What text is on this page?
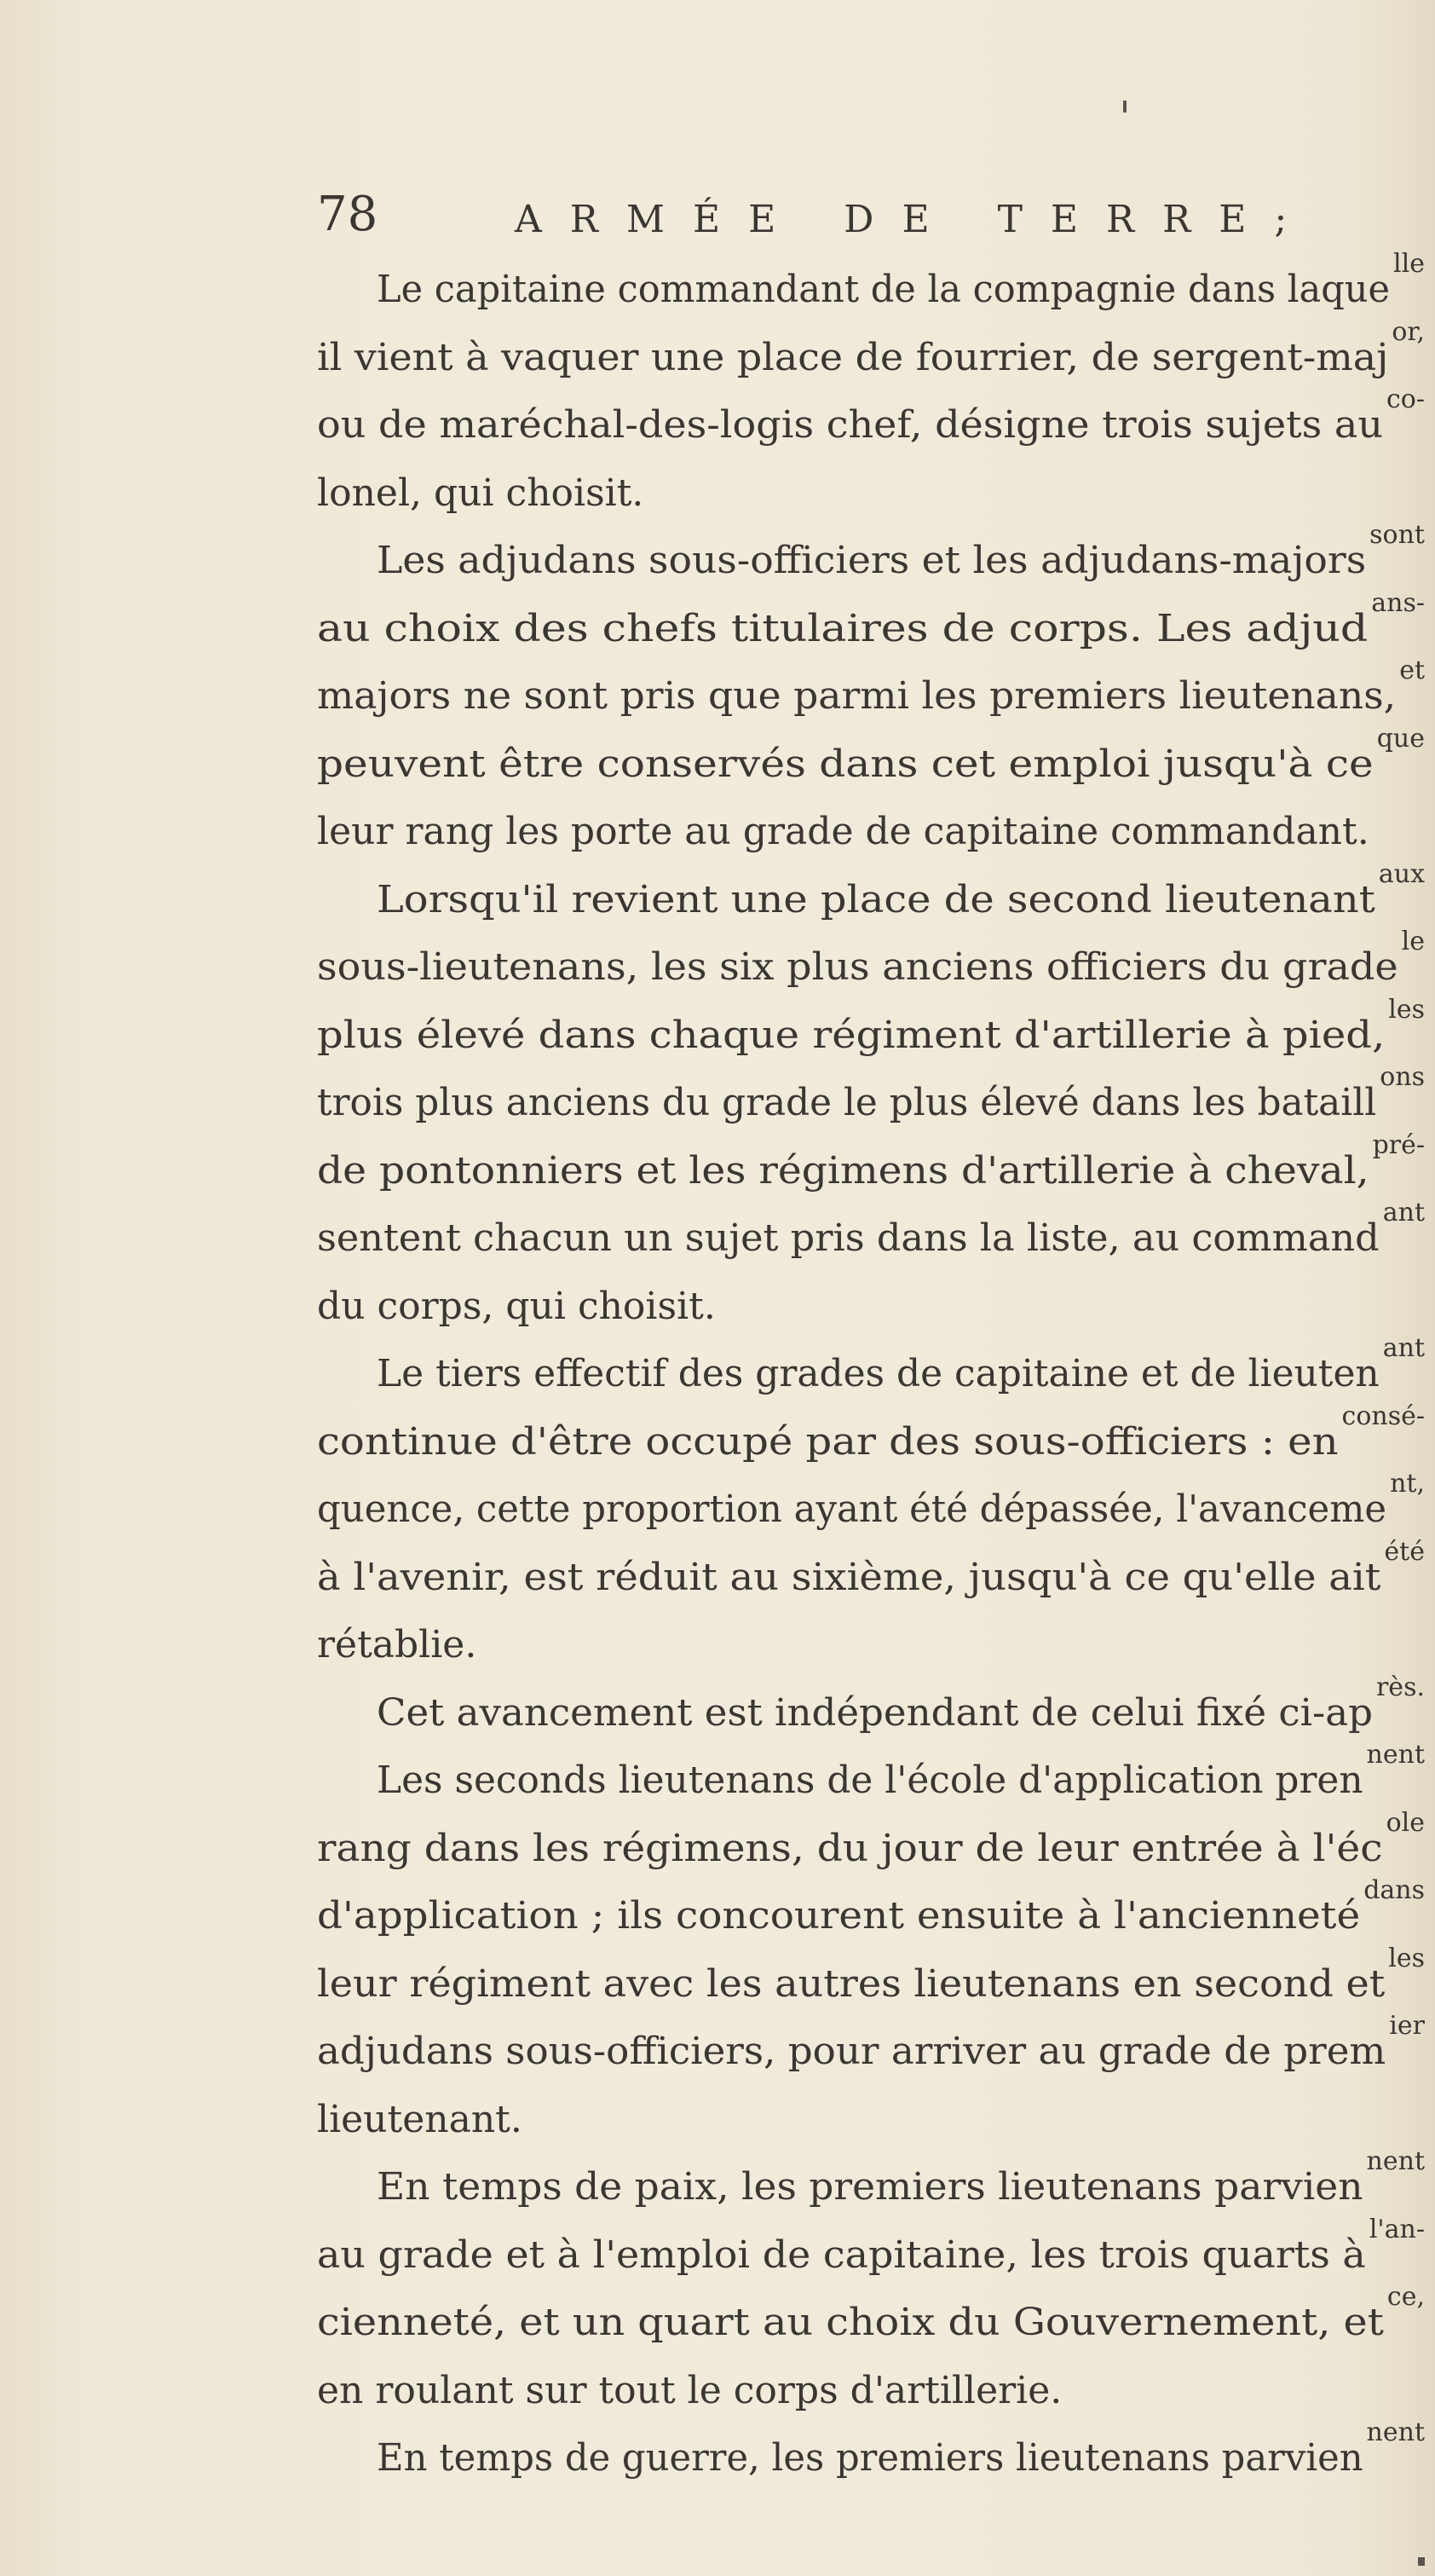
78	ARMÉE DE TERRE;
Le capitaine commandant de la compagnie dans laque
lle
il vient à vaquer une place de fourrier, de sergent-maj
or,
ou de maréchal-des-logis chef, désigne trois sujets au
co-
lonel, qui choisit.
Les adjudans sous-officiers et les adjudans-majors
sont
au choix des chefs titulaires de corps. Les adjud
ans-
majors ne sont pris que parmi les premiers lieutenans,
et
peuvent être conservés dans cet emploi jusqu'à ce
que
leur rang les porte au grade de capitaine commandant.
Lorsqu'il revient une place de second lieutenant
aux
sous-lieutenans, les six plus anciens officiers du grade
le
plus élevé dans chaque régiment d'artillerie à pied,
les
trois plus anciens du grade le plus élevé dans les bataill
ons
de pontonniers et les régimens d'artillerie à cheval,
pré-
sentent chacun un sujet pris dans la liste, au command
ant
du corps, qui choisit.
Le tiers effectif des grades de capitaine et de lieuten
ant
continue d'être occupé par des sous-officiers : en
consé-
quence, cette proportion ayant été dépassée, l'avanceme
nt,
à l'avenir, est réduit au sixième, jusqu'à ce qu'elle ait
été
rétablie.
Cet avancement est indépendant de celui fixé ci-ap
rès.
Les seconds lieutenans de l'école d'application pren
nent
rang dans les régimens, du jour de leur entrée à l'éc
ole
d'application ; ils concourent ensuite à l'ancienneté
dans
leur régiment avec les autres lieutenans en second et
les
adjudans sous-officiers, pour arriver au grade de prem
ier
lieutenant.
En temps de paix, les premiers lieutenans parvien
nent
au grade et à l'emploi de capitaine, les trois quarts à
l'an-
cienneté, et un quart au choix du Gouvernement, et
ce,
en roulant sur tout le corps d'artillerie.
En temps de guerre, les premiers lieutenans parvien
nent
